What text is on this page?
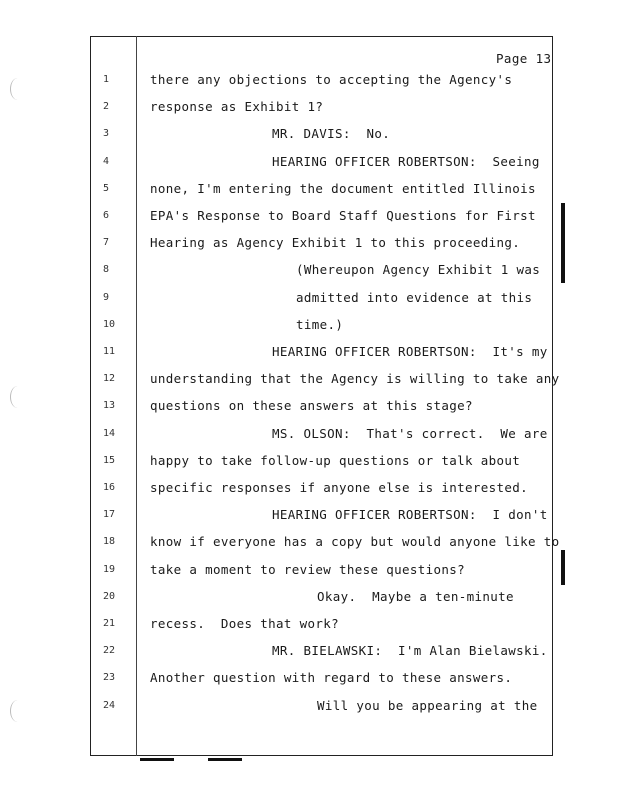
Page 13
1	there any objections to accepting the Agency's
2	response as Exhibit 1?
3	MR. DAVIS:  No.
4	HEARING OFFICER ROBERTSON:  Seeing
5	none, I'm entering the document entitled Illinois
6	EPA's Response to Board Staff Questions for First
7	Hearing as Agency Exhibit 1 to this proceeding.
8	(Whereupon Agency Exhibit 1 was
9	admitted into evidence at this
10	time.)
11	HEARING OFFICER ROBERTSON:  It's my
12	understanding that the Agency is willing to take any
13	questions on these answers at this stage?
14	MS. OLSON:  That's correct.  We are
15	happy to take follow-up questions or talk about
16	specific responses if anyone else is interested.
17	HEARING OFFICER ROBERTSON:  I don't
18	know if everyone has a copy but would anyone like to
19	take a moment to review these questions?
20	Okay.  Maybe a ten-minute
21	recess.  Does that work?
22	MR. BIELAWSKI:  I'm Alan Bielawski.
23	Another question with regard to these answers.
24	Will you be appearing at the
